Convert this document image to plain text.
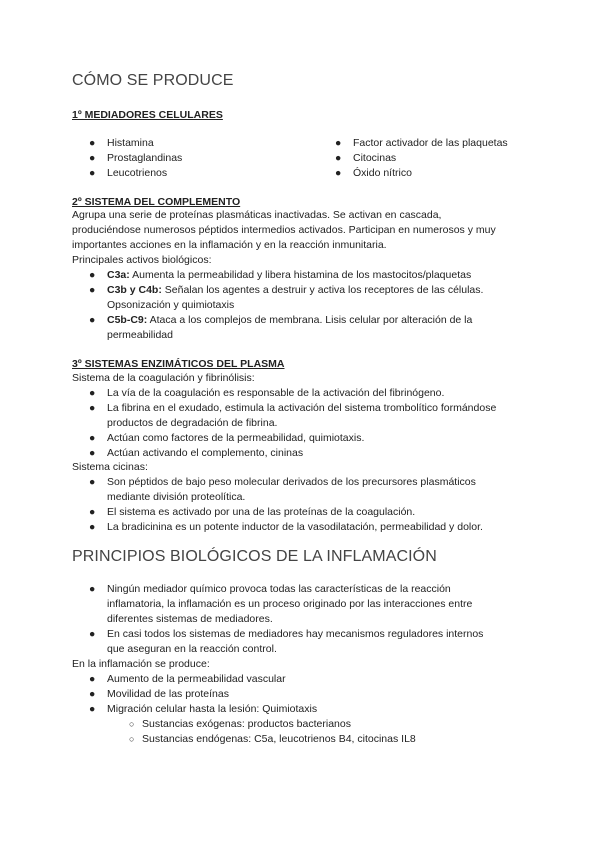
CÓMO SE PRODUCE
1º MEDIADORES CELULARES
● Histamina
● Prostaglandinas
● Leucotrienos
● Factor activador de las plaquetas
● Citocinas
● Óxido nítrico
2º SISTEMA DEL COMPLEMENTO
Agrupa una serie de proteínas plasmáticas inactivadas. Se activan en cascada,
produciéndose numerosos péptidos intermedios activados. Participan en numerosos y muy
importantes acciones en la inflamación y en la reacción inmunitaria.
Principales activos biológicos:
● C3a: Aumenta la permeabilidad y libera histamina de los mastocitos/plaquetas
● C3b y C4b: Señalan los agentes a destruir y activa los receptores de las células.
Opsonización y quimiotaxis
● C5b-C9: Ataca a los complejos de membrana. Lisis celular por alteración de la
permeabilidad
3º SISTEMAS ENZIMÁTICOS DEL PLASMA
Sistema de la coagulación y fibrinólisis:
● La vía de la coagulación es responsable de la activación del fibrinógeno.
● La fibrina en el exudado, estimula la activación del sistema trombolítico formándose
productos de degradación de fibrina.
● Actúan como factores de la permeabilidad, quimiotaxis.
● Actúan activando el complemento, cininas
Sistema cicinas:
● Son péptidos de bajo peso molecular derivados de los precursores plasmáticos
mediante división proteolítica.
● El sistema es activado por una de las proteínas de la coagulación.
● La bradicinina es un potente inductor de la vasodilatación, permeabilidad y dolor.
PRINCIPIOS BIOLÓGICOS DE LA INFLAMACIÓN
● Ningún mediador químico provoca todas las características de la reacción
inflamatoria, la inflamación es un proceso originado por las interacciones entre
diferentes sistemas de mediadores.
● En casi todos los sistemas de mediadores hay mecanismos reguladores internos
que aseguran en la reacción control.
En la inflamación se produce:
● Aumento de la permeabilidad vascular
● Movilidad de las proteínas
● Migración celular hasta la lesión: Quimiotaxis
○ Sustancias exógenas: productos bacterianos
○ Sustancias endógenas: C5a, leucotrienos B4, citocinas IL8
